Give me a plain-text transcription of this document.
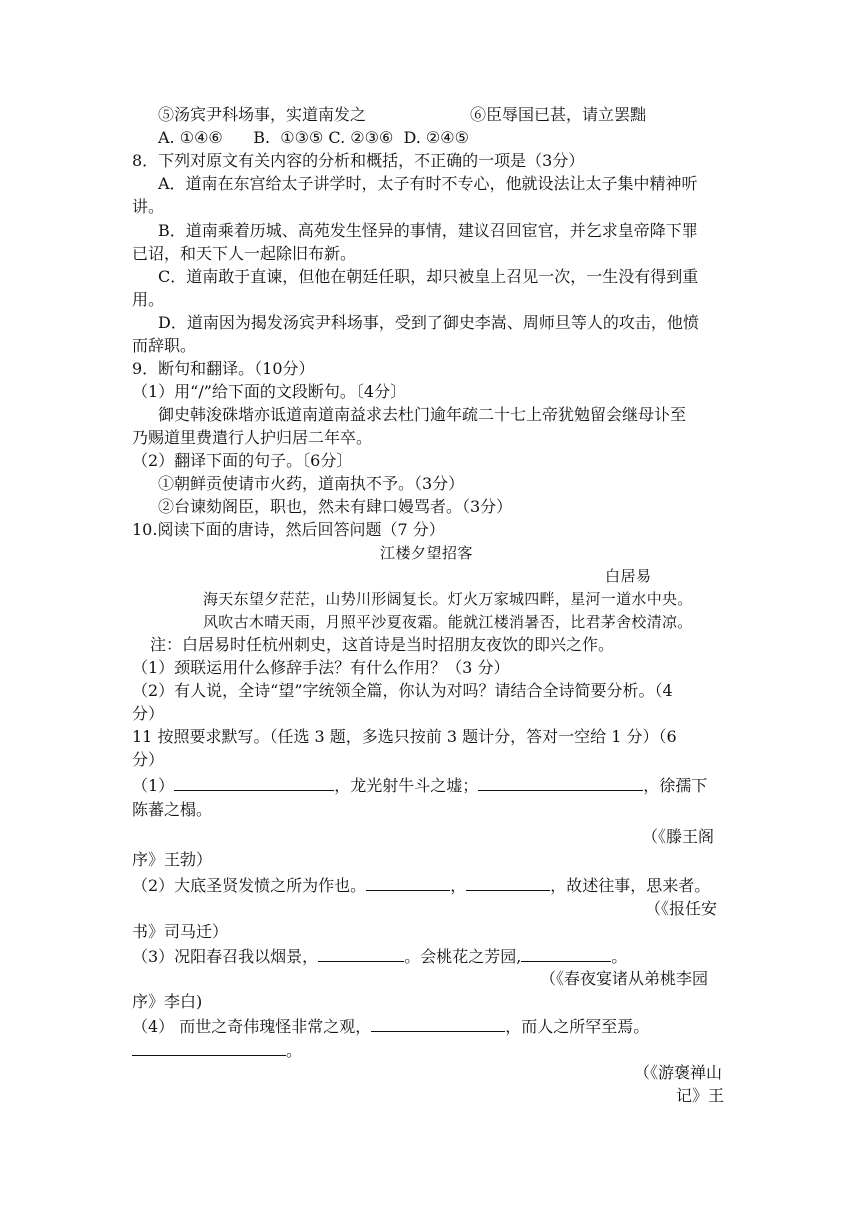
⑤汤宾尹科场事，实道南发之	⑥臣辱国已甚，请立罢黜
A. ①④⑥      B.  ①③⑤ C. ②③⑥  D. ②④⑤
8．下列对原文有关内容的分析和概括，不正确的一项是（3分）
A．道南在东宫给太子讲学时，太子有时不专心，他就设法让太子集中精神听
讲。
B．道南乘着历城、高苑发生怪异的事情，建议召回宦官，并乞求皇帝降下罪
已诏，和天下人一起除旧布新。
C．道南敢于直谏，但他在朝廷任职，却只被皇上召见一次，一生没有得到重
用。
D．道南因为揭发汤宾尹科场事，受到了御史李嵩、周师旦等人的攻击，他愤
而辞职。
9．断句和翻译。（10分）
（1）用“/”给下面的文段断句。〔4分〕
御史韩浚硃堦亦诋道南道南益求去杜门逾年疏二十七上帝犹勉留会继母讣至
乃赐道里费遣行人护归居二年卒。
（2）翻译下面的句子。〔6分〕
①朝鲜贡使请市火药，道南执不予。（3分）
②台谏劾阁臣，职也，然未有肆口嫚骂者。（3分）
10.阅读下面的唐诗，然后回答问题（7 分）
江楼夕望招客
白居易
海天东望夕茫茫，山势川形阔复长。灯火万家城四畔，星河一道水中央。
风吹古木晴天雨，月照平沙夏夜霜。能就江楼消暑否，比君茅舍校清凉。
注：白居易时任杭州刺史，这首诗是当时招朋友夜饮的即兴之作。
（1）颈联运用什么修辞手法？有什么作用？（3 分）
（2）有人说，全诗“望”字统领全篇，你认为对吗？请结合全诗简要分析。（4
分）
11 按照要求默写。（任选 3 题，多选只按前 3 题计分，答对一空给 1 分）（6
分）
（1）	，龙光射牛斗之墟；	，徐孺下
陈蕃之榻。
（《滕王阁
序》王勃）
（2）大底圣贤发愤之所为作也。	，	，故述往事，思来者。
（《报任安
书》司马迁）
（3）况阳春召我以烟景，	。会桃花之芳园,	。
（《春夜宴诸从弟桃李园
序》李白)
（4） 而世之奇伟瑰怪非常之观，	，而人之所罕至焉。
。
（《游褒禅山
记》王
